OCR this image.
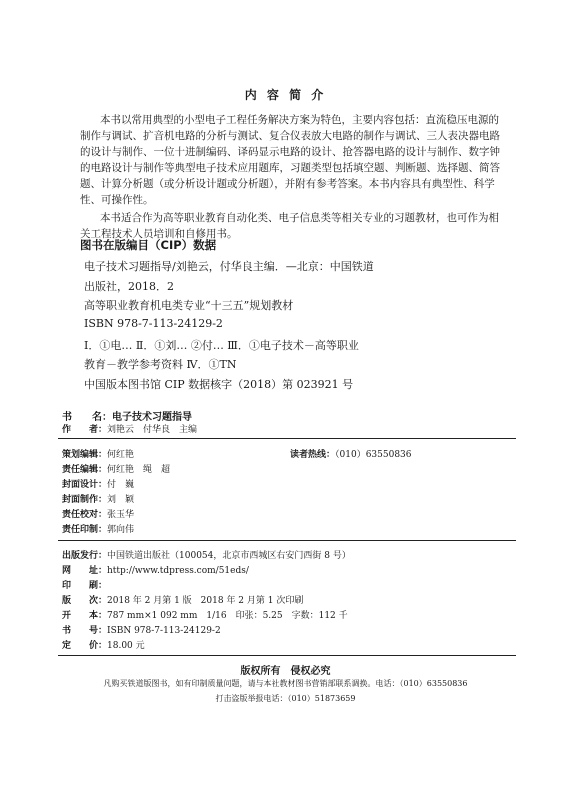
内 容 简 介

本书以常用典型的小型电子工程任务解决方案为特色，主要内容包括：直流稳压电源的制作与调试、扩音机电路的分析与测试、复合仪表放大电路的制作与调试、三人表决器电路的设计与制作、一位十进制编码、译码显示电路的设计、抢答器电路的设计与制作、数字钟的电路设计与制作等典型电子技术应用题库，习题类型包括填空题、判断题、选择题、简答题、计算分析题（或分析设计题或分析题），并附有参考答案。本书内容具有典型性、科学性、可操作性。

本书适合作为高等职业教育自动化类、电子信息类等相关专业的习题教材，也可作为相关工程技术人员培训和自修用书。

图书在版编目（CIP）数据
电子技术习题指导/刘艳云，付华良主编．—北京：中国铁道
出版社，2018．2
高等职业教育机电类专业“十三五”规划教材
ISBN 978-7-113-24129-2
Ⅰ．①电… Ⅱ．①刘… ②付… Ⅲ．①电子技术－高等职业
教育－教学参考资料 Ⅳ．①TN
中国版本图书馆 CIP 数据核字（2018）第 023921 号
书　　名：电子技术习题指导
作　　者：刘艳云　付华良　主编
策划编辑：何红艳	读者热线：（010）63550836
责任编辑：何红艳　绳　超
封面设计：付　巍
封面制作：刘　颖
责任校对：张玉华
责任印制：郭向伟
出版发行：中国铁道出版社（100054，北京市西城区右安门西街 8 号）
网　　址：http://www.tdpress.com/51eds/
印　　刷：
版　　次：2018 年 2 月第 1 版　2018 年 2 月第 1 次印刷
开　　本：787 mm×1 092 mm　1/16　印张：5.25　字数：112 千
书　　号：ISBN 978-7-113-24129-2
定　　价：18.00 元
版权所有　侵权必究
凡购买铁道版图书，如有印制质量问题，请与本社教材图书营销部联系调换。电话：（010）63550836
打击盗版举报电话：（010）51873659
